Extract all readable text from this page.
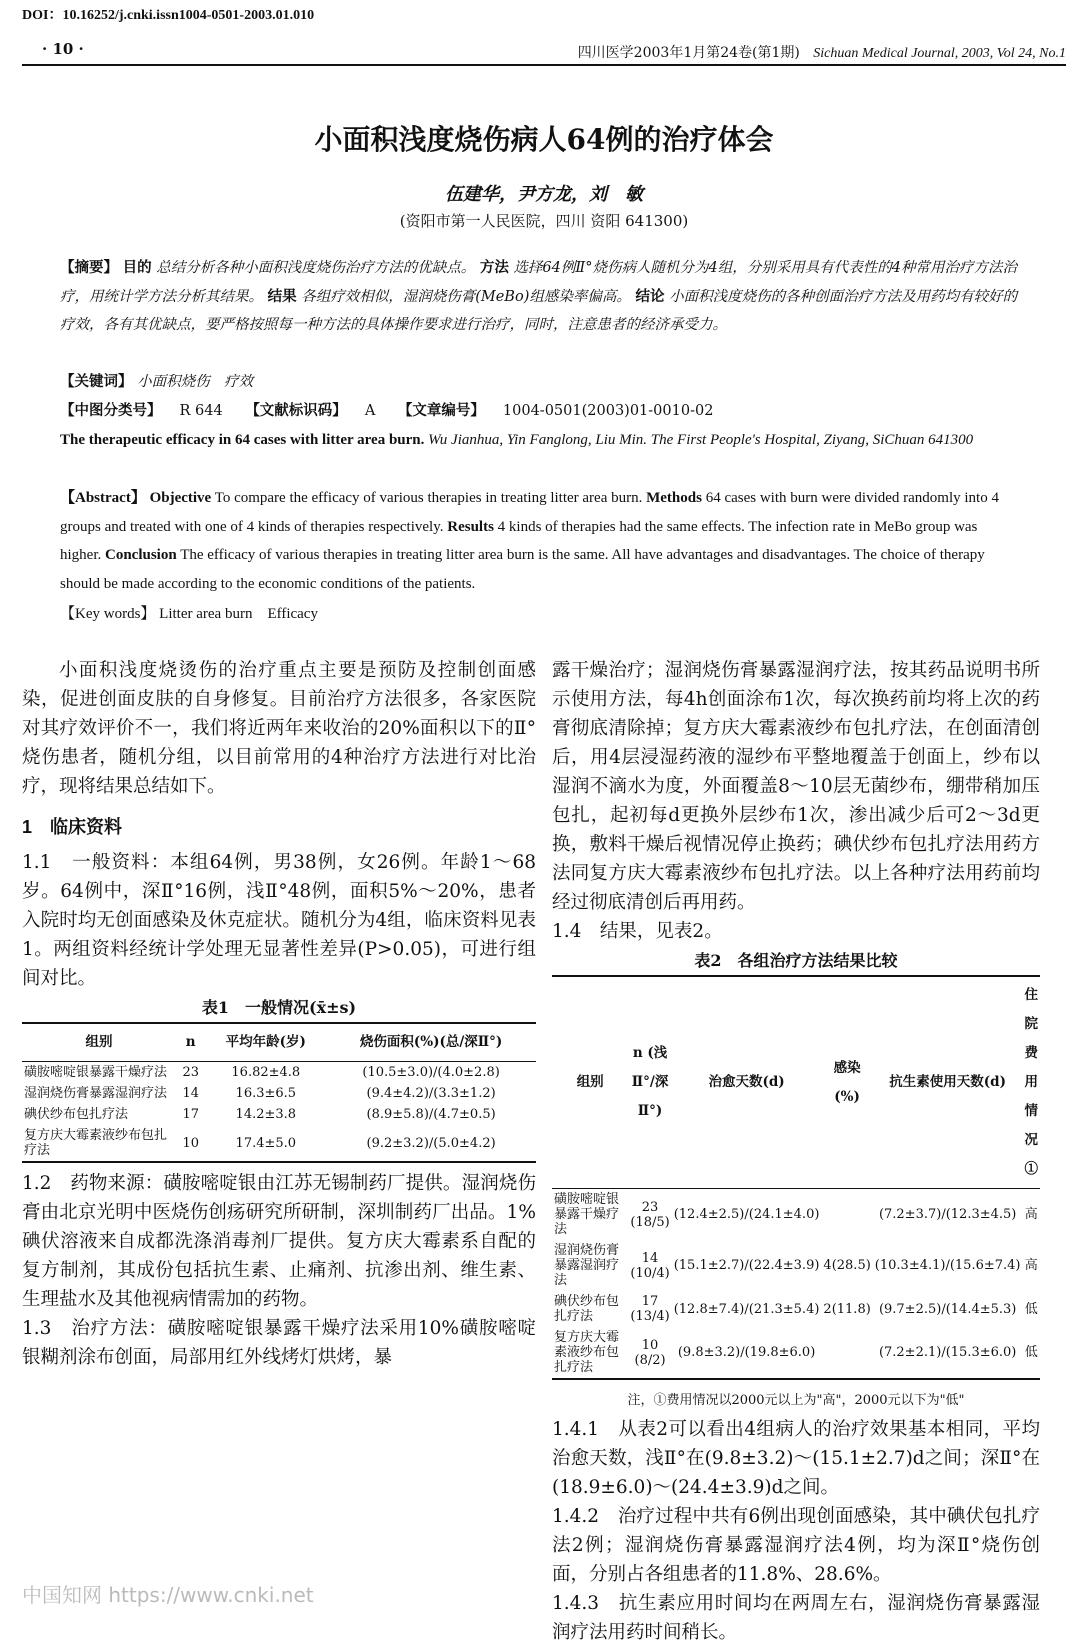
DOI：10.16252/j.cnki.issn1004-0501-2003.01.010
· 10 ·	四川医学2003年1月第24卷(第1期) Sichuan Medical Journal, 2003, Vol 24, No.1
小面积浅度烧伤病人64例的治疗体会
伍建华，尹方龙，刘　敏
(资阳市第一人民医院，四川 资阳 641300)
【摘要】 目的 总结分析各种小面积浅度烧伤治疗方法的优缺点。 方法 选择64例Ⅱ°烧伤病人随机分为4组，分别采用具有代表性的4种常用治疗方法治疗，用统计学方法分析其结果。 结果 各组疗效相似，湿润烧伤膏(MeBo)组感染率偏高。 结论 小面积浅度烧伤的各种创面治疗方法及用药均有较好的疗效，各有其优缺点，要严格按照每一种方法的具体操作要求进行治疗，同时，注意患者的经济承受力。
【关键词】 小面积烧伤　疗效
【中图分类号】 R 644 【文献标识码】 A 【文章编号】 1004-0501(2003)01-0010-02
The therapeutic efficacy in 64 cases with litter area burn. Wu Jianhua, Yin Fanglong, Liu Min. The First People's Hospital, Ziyang, SiChuan 641300
【Abstract】 Objective To compare the efficacy of various therapies in treating litter area burn. Methods 64 cases with burn were divided randomly into 4 groups and treated with one of 4 kinds of therapies respectively. Results 4 kinds of therapies had the same effects. The infection rate in MeBo group was higher. Conclusion The efficacy of various therapies in treating litter area burn is the same. All have advantages and disadvantages. The choice of therapy should be made according to the economic conditions of the patients.
【Key words】 Litter area burn　Efficacy

小面积浅度烧烫伤的治疗重点主要是预防及控制创面感染，促进创面皮肤的自身修复。目前治疗方法很多，各家医院对其疗效评价不一，我们将近两年来收治的20%面积以下的Ⅱ°烧伤患者，随机分组，以目前常用的4种治疗方法进行对比治疗，现将结果总结如下。

1　临床资料

1.1　一般资料：本组64例，男38例，女26例。年龄1～68岁。64例中，深Ⅱ°16例，浅Ⅱ°48例，面积5%～20%，患者入院时均无创面感染及休克症状。随机分为4组，临床资料见表1。两组资料经统计学处理无显著性差异(P>0.05)，可进行组间对比。

表1　一般情况(x̄±s)
组别	n	平均年龄(岁)	烧伤面积(%)(总/深Ⅱ°)
磺胺嘧啶银暴露干燥疗法	23	16.82±4.8	(10.5±3.0)/(4.0±2.8)
湿润烧伤膏暴露湿润疗法	14	16.3±6.5	(9.4±4.2)/(3.3±1.2)
碘伏纱布包扎疗法	17	14.2±3.8	(8.9±5.8)/(4.7±0.5)
复方庆大霉素液纱布包扎疗法	10	17.4±5.0	(9.2±3.2)/(5.0±4.2)

1.2　药物来源：磺胺嘧啶银由江苏无锡制药厂提供。湿润烧伤膏由北京光明中医烧伤创疡研究所研制，深圳制药厂出品。1%碘伏溶液来自成都洗涤消毒剂厂提供。复方庆大霉素系自配的复方制剂，其成份包括抗生素、止痛剂、抗渗出剂、维生素、生理盐水及其他视病情需加的药物。

1.3　治疗方法：磺胺嘧啶银暴露干燥疗法采用10%磺胺嘧啶银糊剂涂布创面，局部用红外线烤灯烘烤，暴

露干燥治疗；湿润烧伤膏暴露湿润疗法，按其药品说明书所示使用方法，每4h创面涂布1次，每次换药前均将上次的药膏彻底清除掉；复方庆大霉素液纱布包扎疗法，在创面清创后，用4层浸湿药液的湿纱布平整地覆盖于创面上，纱布以湿润不滴水为度，外面覆盖8～10层无菌纱布，绷带稍加压包扎，起初每d更换外层纱布1次，渗出减少后可2～3d更换，敷料干燥后视情况停止换药；碘伏纱布包扎疗法用药方法同复方庆大霉素液纱布包扎疗法。以上各种疗法用药前均经过彻底清创后再用药。

1.4　结果，见表2。

表2　各组治疗方法结果比较
组别	n (浅Ⅱ°/深Ⅱ°)	治愈天数(d)	感染(%)	抗生素使用天数(d)	住院费用情况①
磺胺嘧啶银暴露干燥疗法	23 (18/5)	(12.4±2.5)/(24.1±4.0)		(7.2±3.7)/(12.3±4.5)	高
湿润烧伤膏暴露湿润疗法	14 (10/4)	(15.1±2.7)/(22.4±3.9)	4(28.5)	(10.3±4.1)/(15.6±7.4)	高
碘伏纱布包扎疗法	17 (13/4)	(12.8±7.4)/(21.3±5.4)	2(11.8)	(9.7±2.5)/(14.4±5.3)	低
复方庆大霉素液纱布包扎疗法	10 (8/2)	(9.8±3.2)/(19.8±6.0)		(7.2±2.1)/(15.3±6.0)	低
注，①费用情况以2000元以上为"高"，2000元以下为"低"

1.4.1　从表2可以看出4组病人的治疗效果基本相同，平均治愈天数，浅Ⅱ°在(9.8±3.2)～(15.1±2.7)d之间；深Ⅱ°在(18.9±6.0)～(24.4±3.9)d之间。

1.4.2　治疗过程中共有6例出现创面感染，其中碘伏包扎疗法2例；湿润烧伤膏暴露湿润疗法4例，均为深Ⅱ°烧伤创面，分别占各组患者的11.8%、28.6%。

1.4.3　抗生素应用时间均在两周左右，湿润烧伤膏暴露湿润疗法用药时间稍长。

中国知网 https://www.cnki.net
